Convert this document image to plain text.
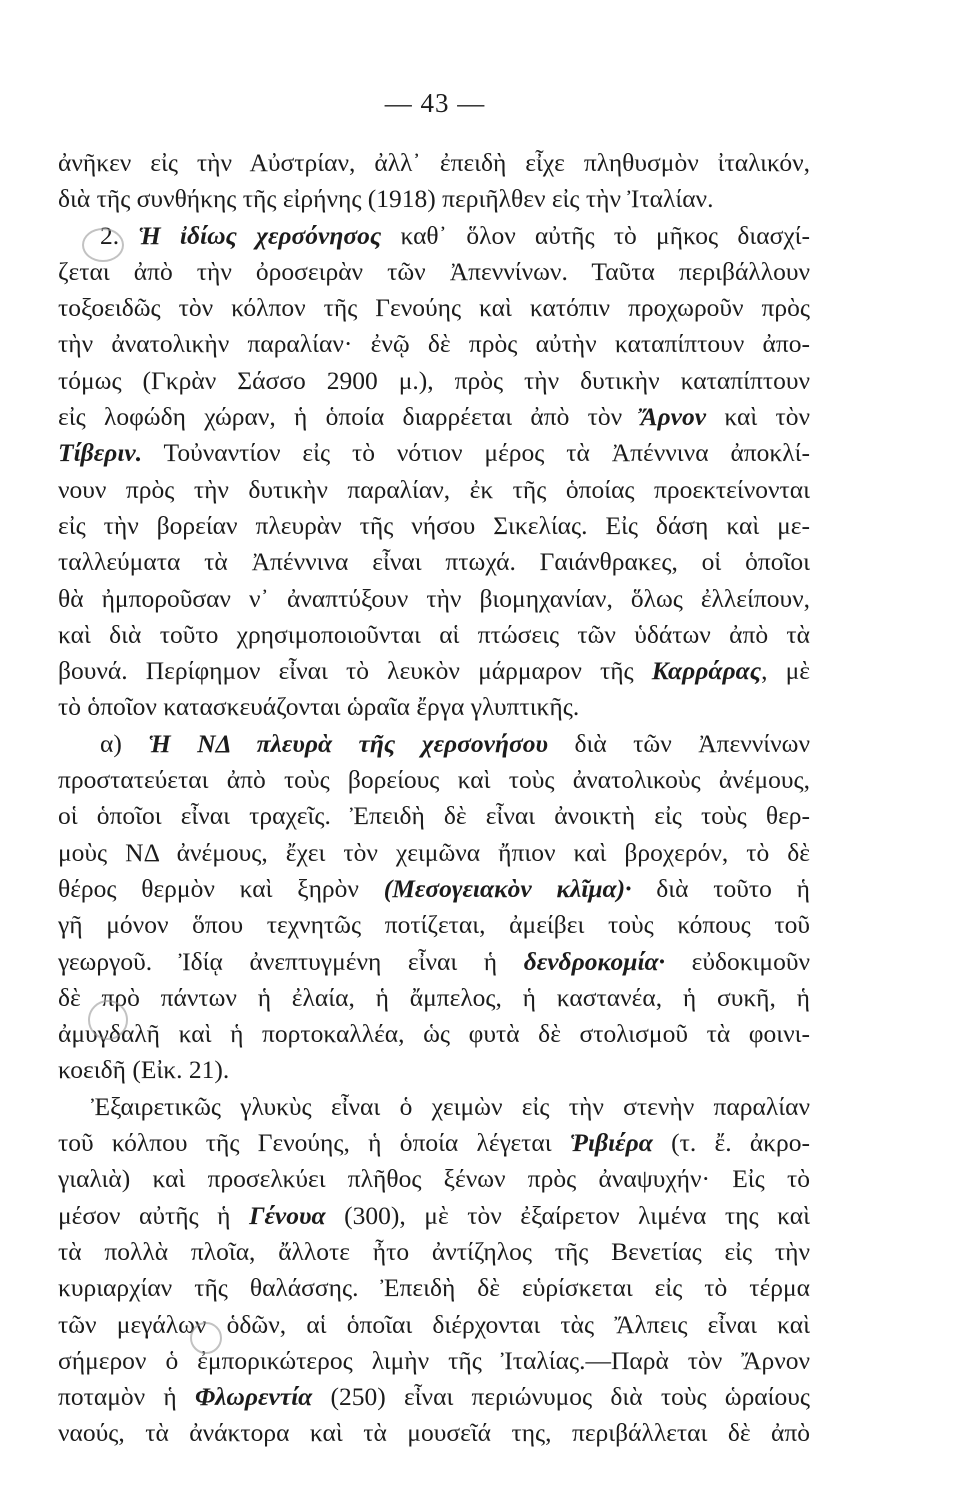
— 43 —
ἀνῆκεν εἰς τὴν Αὐστρίαν, ἀλλ᾿ ἐπειδὴ εἶχε πληθυσμὸν ἰταλικόν,
διὰ τῆς συνθήκης τῆς εἰρήνης (1918) περιῆλθεν εἰς τὴν Ἰταλίαν.
2. Ἡ ἰδίως χερσόνησος καθ᾿ ὅλον αὐτῆς τὸ μῆκος διασχί-
ζεται ἀπὸ τὴν ὀροσειρὰν τῶν Ἀπεννίνων. Ταῦτα περιβάλλουν
τοξοειδῶς τὸν κόλπον τῆς Γενούης καὶ κατόπιν προχωροῦν πρὸς
τὴν ἀνατολικὴν παραλίαν· ἐνῷ δὲ πρὸς αὐτὴν καταπίπτουν ἀπο-
τόμως (Γκρὰν Σάσσο 2900 μ.), πρὸς τὴν δυτικὴν καταπίπτουν
εἰς λοφώδη χώραν, ἡ ὁποία διαρρέεται ἀπὸ τὸν Ἄρνον καὶ τὸν
Τίβεριν. Τοὐναντίον εἰς τὸ νότιον μέρος τὰ Ἀπέννινα ἀποκλί-
νουν πρὸς τὴν δυτικὴν παραλίαν, ἐκ τῆς ὁποίας προεκτείνονται
εἰς τὴν βορείαν πλευρὰν τῆς νήσου Σικελίας. Εἰς δάση καὶ με-
ταλλεύματα τὰ Ἀπέννινα εἶναι πτωχά. Γαιάνθρακες, οἱ ὁποῖοι
θὰ ἠμποροῦσαν ν᾿ ἀναπτύξουν τὴν βιομηχανίαν, ὅλως ἐλλείπουν,
καὶ διὰ τοῦτο χρησιμοποιοῦνται αἱ πτώσεις τῶν ὑδάτων ἀπὸ τὰ
βουνά. Περίφημον εἶναι τὸ λευκὸν μάρμαρον τῆς Καρράρας, μὲ
τὸ ὁποῖον κατασκευάζονται ὡραῖα ἔργα γλυπτικῆς.
α) Ἡ ΝΔ πλευρὰ τῆς χερσονήσου διὰ τῶν Ἀπεννίνων
προστατεύεται ἀπὸ τοὺς βορείους καὶ τοὺς ἀνατολικοὺς ἀνέμους,
οἱ ὁποῖοι εἶναι τραχεῖς. Ἐπειδὴ δὲ εἶναι ἀνοικτὴ εἰς τοὺς θερ-
μοὺς ΝΔ ἀνέμους, ἔχει τὸν χειμῶνα ἤπιον καὶ βροχερόν, τὸ δὲ
θέρος θερμὸν καὶ ξηρὸν (Μεσογειακὸν κλῖμα)· διὰ τοῦτο ἡ
γῆ μόνον ὅπου τεχνητῶς ποτίζεται, ἀμείβει τοὺς κόπους τοῦ
γεωργοῦ. Ἰδίᾳ ἀνεπτυγμένη εἶναι ἡ δενδροκομία· εὐδοκιμοῦν
δὲ πρὸ πάντων ἡ ἐλαία, ἡ ἄμπελος, ἡ καστανέα, ἡ συκῆ, ἡ
ἀμυγδαλῆ καὶ ἡ πορτοκαλλέα, ὡς φυτὰ δὲ στολισμοῦ τὰ φοινι-
κοειδῆ (Εἰκ. 21).
Ἐξαιρετικῶς γλυκὺς εἶναι ὁ χειμὼν εἰς τὴν στενὴν παραλίαν
τοῦ κόλπου τῆς Γενούης, ἡ ὁποία λέγεται Ῥιβιέρα (τ. ἔ. ἀκρο-
γιαλιὰ) καὶ προσελκύει πλῆθος ξένων πρὸς ἀναψυχήν· Εἰς τὸ
μέσον αὐτῆς ἡ Γένουα (300), μὲ τὸν ἐξαίρετον λιμένα της καὶ
τὰ πολλὰ πλοῖα, ἄλλοτε ἦτο ἀντίζηλος τῆς Βενετίας εἰς τὴν
κυριαρχίαν τῆς θαλάσσης. Ἐπειδὴ δὲ εὑρίσκεται εἰς τὸ τέρμα
τῶν μεγάλων ὁδῶν, αἱ ὁποῖαι διέρχονται τὰς Ἄλπεις εἶναι καὶ
σήμερον ὁ ἐμπορικώτερος λιμὴν τῆς Ἰταλίας.—Παρὰ τὸν Ἄρνον
ποταμὸν ἡ Φλωρεντία (250) εἶναι περιώνυμος διὰ τοὺς ὡραίους
ναούς, τὰ ἀνάκτορα καὶ τὰ μουσεῖά της, περιβάλλεται δὲ ἀπὸ
